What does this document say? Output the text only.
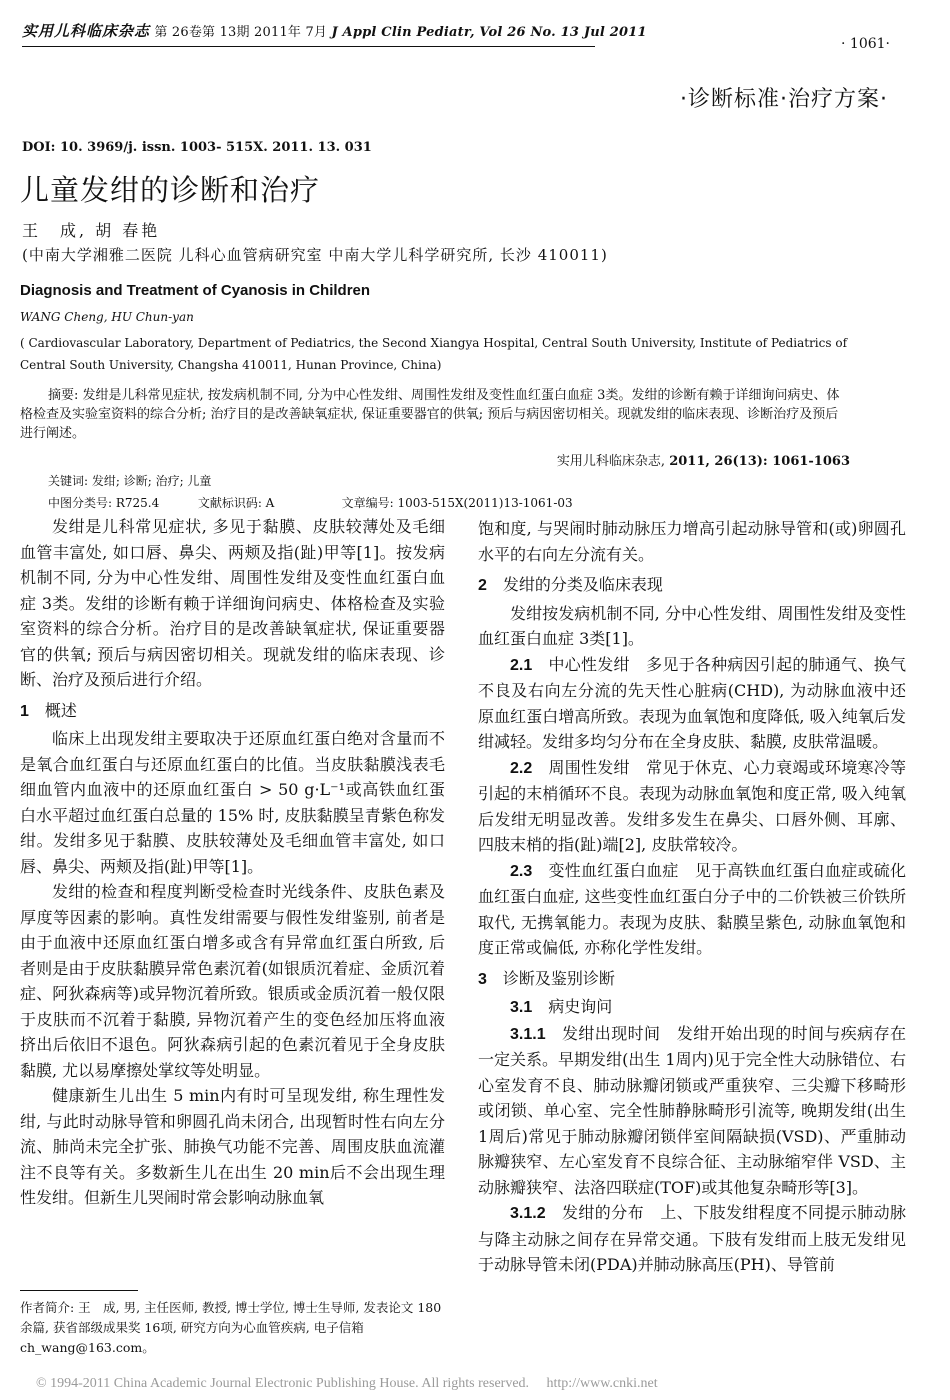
实用儿科临床杂志 第 26卷第 13期 2011年 7月 J Appl Clin Pediatr, Vol 26 No. 13 Jul 2011
· 1061·
·诊断标准·治疗方案·
DOI: 10. 3969/j. issn. 1003- 515X. 2011. 13. 031
儿童发绀的诊断和治疗
王　成, 胡 春艳
(中南大学湘雅二医院 儿科心血管病研究室 中南大学儿科学研究所, 长沙 410011)
Diagnosis and Treatment of Cyanosis in Children
WANG Cheng, HU Chun-yan
( Cardiovascular Laboratory, Department of Pediatrics, the Second Xiangya Hospital, Central South University, Institute of Pediatrics of Central South University, Changsha 410011, Hunan Province, China)
摘要: 发绀是儿科常见症状, 按发病机制不同, 分为中心性发绀、周围性发绀及变性血红蛋白血症 3类。发绀的诊断有赖于详细询问病史、体格检查及实验室资料的综合分析; 治疗目的是改善缺氧症状, 保证重要器官的供氧; 预后与病因密切相关。现就发绀的临床表现、诊断治疗及预后进行阐述。
实用儿科临床杂志, 2011, 26(13): 1061-1063
关键词: 发绀; 诊断; 治疗; 儿童
中图分类号: R725.4	文献标识码: A	文章编号: 1003-515X(2011)13-1061-03

发绀是儿科常见症状, 多见于黏膜、皮肤较薄处及毛细血管丰富处, 如口唇、鼻尖、两颊及指(趾)甲等[1]。按发病机制不同, 分为中心性发绀、周围性发绀及变性血红蛋白血症 3类。发绀的诊断有赖于详细询问病史、体格检查及实验室资料的综合分析。治疗目的是改善缺氧症状, 保证重要器官的供氧; 预后与病因密切相关。现就发绀的临床表现、诊断、治疗及预后进行介绍。

1 概述

临床上出现发绀主要取决于还原血红蛋白绝对含量而不是氧合血红蛋白与还原血红蛋白的比值。当皮肤黏膜浅表毛细血管内血液中的还原血红蛋白 > 50 g·L⁻¹或高铁血红蛋白水平超过血红蛋白总量的 15% 时, 皮肤黏膜呈青紫色称发绀。发绀多见于黏膜、皮肤较薄处及毛细血管丰富处, 如口唇、鼻尖、两颊及指(趾)甲等[1]。

发绀的检查和程度判断受检查时光线条件、皮肤色素及厚度等因素的影响。真性发绀需要与假性发绀鉴别, 前者是由于血液中还原血红蛋白增多或含有异常血红蛋白所致, 后者则是由于皮肤黏膜异常色素沉着(如银质沉着症、金质沉着症、阿狄森病等)或异物沉着所致。银质或金质沉着一般仅限于皮肤而不沉着于黏膜, 异物沉着产生的变色经加压将血液挤出后依旧不退色。阿狄森病引起的色素沉着见于全身皮肤黏膜, 尤以易摩擦处掌纹等处明显。

健康新生儿出生 5 min内有时可呈现发绀, 称生理性发绀, 与此时动脉导管和卵圆孔尚未闭合, 出现暂时性右向左分流、肺尚未完全扩张、肺换气功能不完善、周围皮肤血流灌注不良等有关。多数新生儿在出生 20 min后不会出现生理性发绀。但新生儿哭闹时常会影响动脉血氧

饱和度, 与哭闹时肺动脉压力增高引起动脉导管和(或)卵圆孔水平的右向左分流有关。

2 发绀的分类及临床表现

发绀按发病机制不同, 分中心性发绀、周围性发绀及变性血红蛋白血症 3类[1]。

2.1 中心性发绀　多见于各种病因引起的肺通气、换气不良及右向左分流的先天性心脏病(CHD), 为动脉血液中还原血红蛋白增高所致。表现为血氧饱和度降低, 吸入纯氧后发绀减轻。发绀多均匀分布在全身皮肤、黏膜, 皮肤常温暖。

2.2 周围性发绀　常见于休克、心力衰竭或环境寒冷等引起的末梢循环不良。表现为动脉血氧饱和度正常, 吸入纯氧后发绀无明显改善。发绀多发生在鼻尖、口唇外侧、耳廓、四肢末梢的指(趾)端[2], 皮肤常较冷。

2.3 变性血红蛋白血症　见于高铁血红蛋白血症或硫化血红蛋白血症, 这些变性血红蛋白分子中的二价铁被三价铁所取代, 无携氧能力。表现为皮肤、黏膜呈紫色, 动脉血氧饱和度正常或偏低, 亦称化学性发绀。

3 诊断及鉴别诊断

3.1 病史询问

3.1.1 发绀出现时间　发绀开始出现的时间与疾病存在一定关系。早期发绀(出生 1周内)见于完全性大动脉错位、右心室发育不良、肺动脉瓣闭锁或严重狭窄、三尖瓣下移畸形或闭锁、单心室、完全性肺静脉畸形引流等, 晚期发绀(出生 1周后)常见于肺动脉瓣闭锁伴室间隔缺损(VSD)、严重肺动脉瓣狭窄、左心室发育不良综合征、主动脉缩窄伴 VSD、主动脉瓣狭窄、法洛四联症(TOF)或其他复杂畸形等[3]。

3.1.2 发绀的分布　上、下肢发绀程度不同提示肺动脉与降主动脉之间存在异常交通。下肢有发绀而上肢无发绀见于动脉导管未闭(PDA)并肺动脉高压(PH)、导管前

作者简介: 王　成, 男, 主任医师, 教授, 博士学位, 博士生导师, 发表论文 180余篇, 获省部级成果奖 16项, 研究方向为心血管疾病, 电子信箱 ch_wang@163.com。
© 1994-2011 China Academic Journal Electronic Publishing House. All rights reserved.　 http://www.cnki.net
